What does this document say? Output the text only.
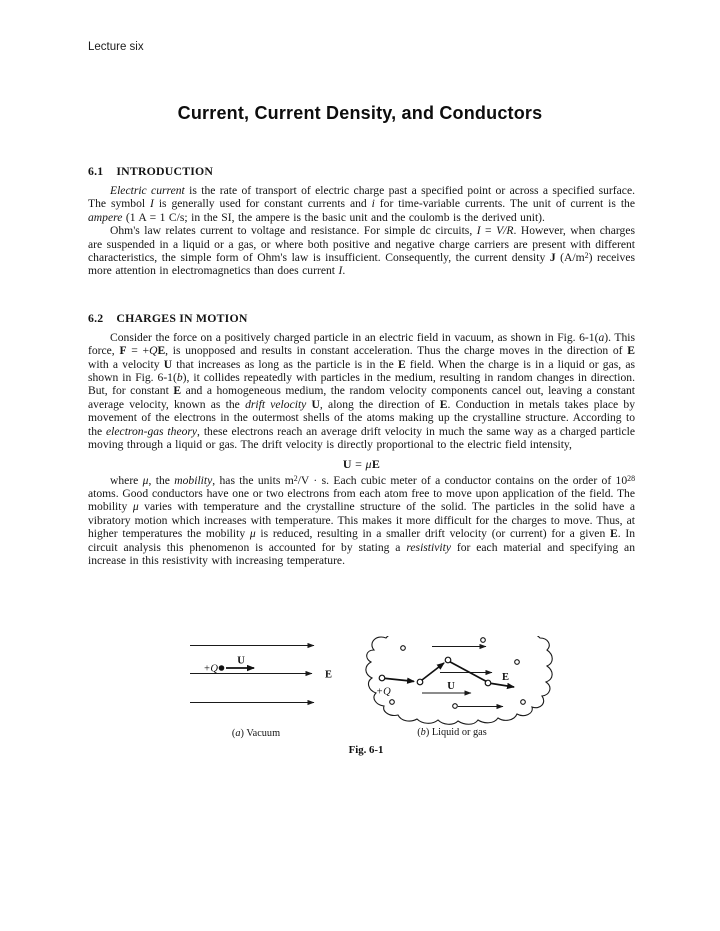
Lecture six
Current, Current Density, and Conductors
6.1 INTRODUCTION

Electric current is the rate of transport of electric charge past a specified point or across a specified surface. The symbol I is generally used for constant currents and i for time-variable currents. The unit of current is the ampere (1 A = 1 C/s; in the SI, the ampere is the basic unit and the coulomb is the derived unit).

Ohm's law relates current to voltage and resistance. For simple dc circuits, I = V/R. However, when charges are suspended in a liquid or a gas, or where both positive and negative charge carriers are present with different characteristics, the simple form of Ohm's law is insufficient. Consequently, the current density J $(A/m^2)$ receives more attention in electromagnetics than does current I.

6.2 CHARGES IN MOTION

Consider the force on a positively charged particle in an electric field in vacuum, as shown in Fig. 6-1(a). This force, F = +QE, is unopposed and results in constant acceleration. Thus the charge moves in the direction of E with a velocity U that increases as long as the particle is in the E field. When the charge is in a liquid or gas, as shown in Fig. 6-1(b), it collides repeatedly with particles in the medium, resulting in random changes in direction. But, for constant E and a homogeneous medium, the random velocity components cancel out, leaving a constant average velocity, known as the drift velocity U, along the direction of E. Conduction in metals takes place by movement of the electrons in the outermost shells of the atoms making up the crystalline structure. According to the electron-gas theory, these electrons reach an average drift velocity in much the same way as a charged particle moving through a liquid or gas. The drift velocity is directly proportional to the electric field intensity,

U = μE

where μ, the mobility, has the units $m^2/V \cdot s$. Each cubic meter of a conductor contains on the order of $10^{28}$ atoms. Good conductors have one or two electrons from each atom free to move upon application of the field. The mobility μ varies with temperature and the crystalline structure of the solid. The particles in the solid have a vibratory motion which increases with temperature. This makes it more difficult for the charges to move. Thus, at higher temperatures the mobility μ is reduced, resulting in a smaller drift velocity (or current) for a given E. In circuit analysis this phenomenon is accounted for by stating a resistivity for each material and specifying an increase in this resistivity with increasing temperature.

+Q
U
E
+Q	U
E
(a) Vacuum	(b) Liquid or gas
Fig. 6-1
